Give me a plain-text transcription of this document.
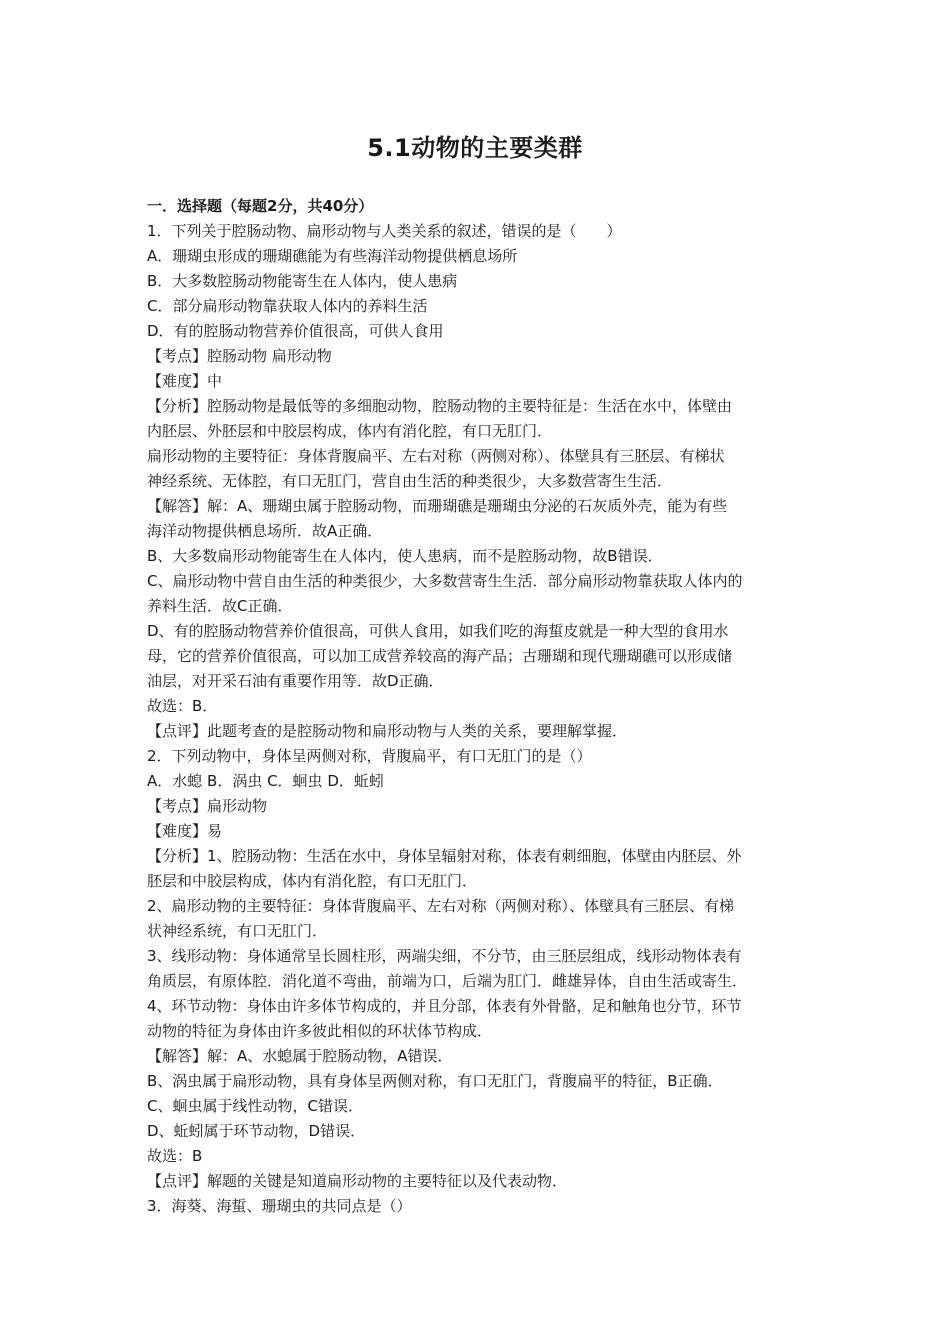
5.1动物的主要类群
一．选择题（每题2分，共40分）
1．下列关于腔肠动物、扁形动物与人类关系的叙述，错误的是（　　）
A．珊瑚虫形成的珊瑚礁能为有些海洋动物提供栖息场所
B．大多数腔肠动物能寄生在人体内，使人患病
C．部分扁形动物靠获取人体内的养料生活
D．有的腔肠动物营养价值很高，可供人食用
【考点】腔肠动物 扁形动物
【难度】中
【分析】腔肠动物是最低等的多细胞动物，腔肠动物的主要特征是：生活在水中，体壁由
内胚层、外胚层和中胶层构成，体内有消化腔，有口无肛门．
扁形动物的主要特征：身体背腹扁平、左右对称（两侧对称）、体壁具有三胚层、有梯状
神经系统、无体腔，有口无肛门，营自由生活的种类很少，大多数营寄生生活．
【解答】解：A、珊瑚虫属于腔肠动物，而珊瑚礁是珊瑚虫分泌的石灰质外壳，能为有些
海洋动物提供栖息场所．故A正确．
B、大多数扁形动物能寄生在人体内，使人患病，而不是腔肠动物，故B错误．
C、扁形动物中营自由生活的种类很少，大多数营寄生生活．部分扁形动物靠获取人体内的
养料生活．故C正确．
D、有的腔肠动物营养价值很高，可供人食用，如我们吃的海蜇皮就是一种大型的食用水
母，它的营养价值很高，可以加工成营养较高的海产品；古珊瑚和现代珊瑚礁可以形成储
油层，对开采石油有重要作用等．故D正确．
故选：B．
【点评】此题考查的是腔肠动物和扁形动物与人类的关系，要理解掌握．
2．下列动物中，身体呈两侧对称，背腹扁平，有口无肛门的是（）
A．水螅 B．涡虫 C．蛔虫 D．蚯蚓
【考点】扁形动物
【难度】易
【分析】1、腔肠动物：生活在水中，身体呈辐射对称，体表有刺细胞，体壁由内胚层、外
胚层和中胶层构成，体内有消化腔，有口无肛门．
2、扁形动物的主要特征：身体背腹扁平、左右对称（两侧对称）、体壁具有三胚层、有梯
状神经系统，有口无肛门．
3、线形动物：身体通常呈长圆柱形，两端尖细，不分节，由三胚层组成，线形动物体表有
角质层，有原体腔．消化道不弯曲，前端为口，后端为肛门．雌雄异体，自由生活或寄生．
4、环节动物：身体由许多体节构成的，并且分部，体表有外骨骼，足和触角也分节，环节
动物的特征为身体由许多彼此相似的环状体节构成．
【解答】解：A、水螅属于腔肠动物，A错误．
B、涡虫属于扁形动物，具有身体呈两侧对称，有口无肛门，背腹扁平的特征，B正确．
C、蛔虫属于线性动物，C错误．
D、蚯蚓属于环节动物，D错误．
故选：B
【点评】解题的关键是知道扁形动物的主要特征以及代表动物．
3．海葵、海蜇、珊瑚虫的共同点是（）
